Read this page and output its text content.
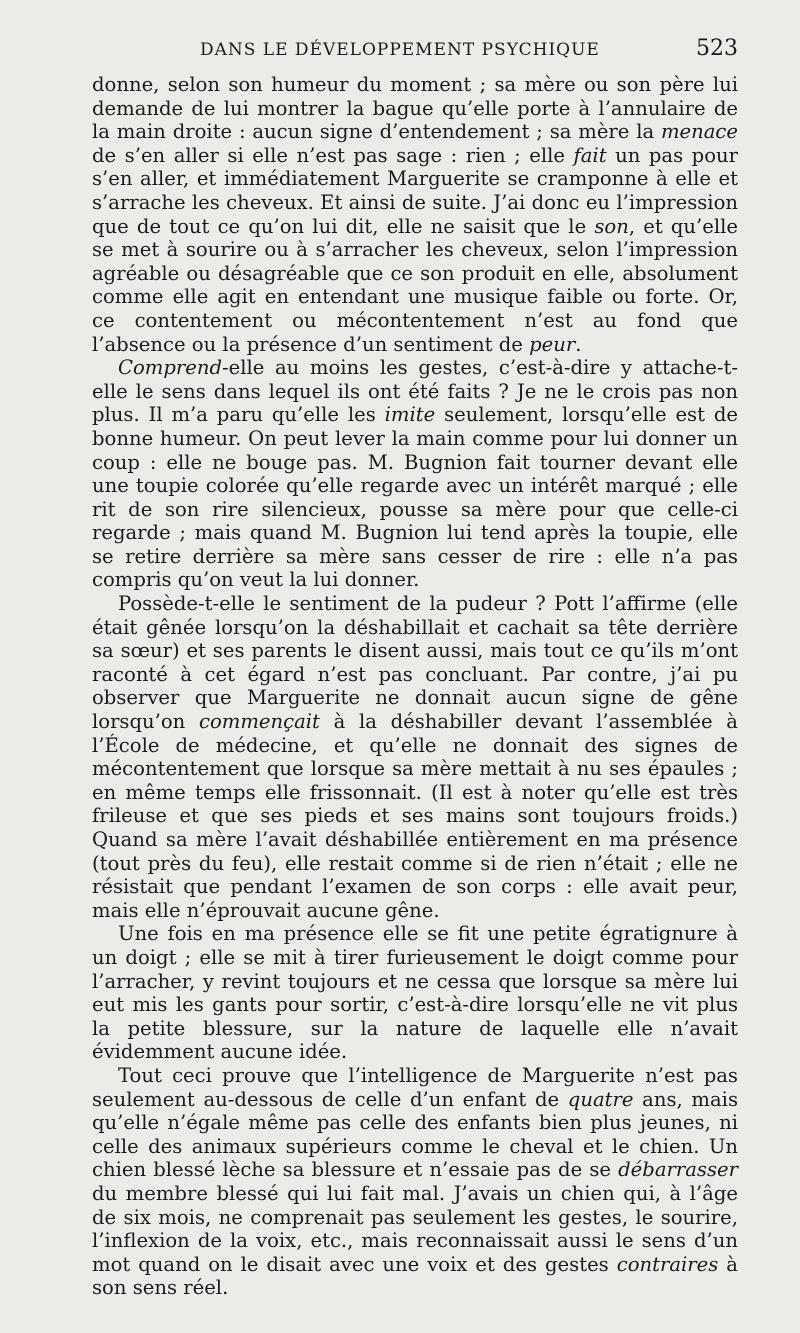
DANS LE DÉVELOPPEMENT PSYCHIQUE	523

donne, selon son humeur du moment ; sa mère ou son père lui demande de lui montrer la bague qu’elle porte à l’annulaire de la main droite : aucun signe d’entendement ; sa mère la menace de s’en aller si elle n’est pas sage : rien ; elle fait un pas pour s’en aller, et immédiatement Marguerite se cramponne à elle et s’arrache les cheveux. Et ainsi de suite. J’ai donc eu l’impression que de tout ce qu’on lui dit, elle ne saisit que le son, et qu’elle se met à sourire ou à s’arracher les cheveux, selon l’impression agréable ou désagréable que ce son produit en elle, absolument comme elle agit en entendant une musique faible ou forte. Or, ce contentement ou mécontentement n’est au fond que l’absence ou la présence d’un sentiment de peur.

Comprend-elle au moins les gestes, c’est-à-dire y attache-t-elle le sens dans lequel ils ont été faits ? Je ne le crois pas non plus. Il m’a paru qu’elle les imite seulement, lorsqu’elle est de bonne humeur. On peut lever la main comme pour lui donner un coup : elle ne bouge pas. M. Bugnion fait tourner devant elle une toupie colorée qu’elle regarde avec un intérêt marqué ; elle rit de son rire silencieux, pousse sa mère pour que celle-ci regarde ; mais quand M. Bugnion lui tend après la toupie, elle se retire derrière sa mère sans cesser de rire : elle n’a pas compris qu’on veut la lui donner.

Possède-t-elle le sentiment de la pudeur ? Pott l’affirme (elle était gênée lorsqu’on la déshabillait et cachait sa tête derrière sa sœur) et ses parents le disent aussi, mais tout ce qu’ils m’ont raconté à cet égard n’est pas concluant. Par contre, j’ai pu observer que Marguerite ne donnait aucun signe de gêne lorsqu’on commençait à la déshabiller devant l’assemblée à l’École de médecine, et qu’elle ne donnait des signes de mécontentement que lorsque sa mère mettait à nu ses épaules ; en même temps elle frissonnait. (Il est à noter qu’elle est très frileuse et que ses pieds et ses mains sont toujours froids.) Quand sa mère l’avait déshabillée entièrement en ma présence (tout près du feu), elle restait comme si de rien n’était ; elle ne résistait que pendant l’examen de son corps : elle avait peur, mais elle n’éprouvait aucune gêne.

Une fois en ma présence elle se fit une petite égratignure à un doigt ; elle se mit à tirer furieusement le doigt comme pour l’arracher, y revint toujours et ne cessa que lorsque sa mère lui eut mis les gants pour sortir, c’est-à-dire lorsqu’elle ne vit plus la petite blessure, sur la nature de laquelle elle n’avait évidemment aucune idée.

Tout ceci prouve que l’intelligence de Marguerite n’est pas seulement au-dessous de celle d’un enfant de quatre ans, mais qu’elle n’égale même pas celle des enfants bien plus jeunes, ni celle des animaux supérieurs comme le cheval et le chien. Un chien blessé lèche sa blessure et n’essaie pas de se débarrasser du membre blessé qui lui fait mal. J’avais un chien qui, à l’âge de six mois, ne comprenait pas seulement les gestes, le sourire, l’inflexion de la voix, etc., mais reconnaissait aussi le sens d’un mot quand on le disait avec une voix et des gestes contraires à son sens réel.
